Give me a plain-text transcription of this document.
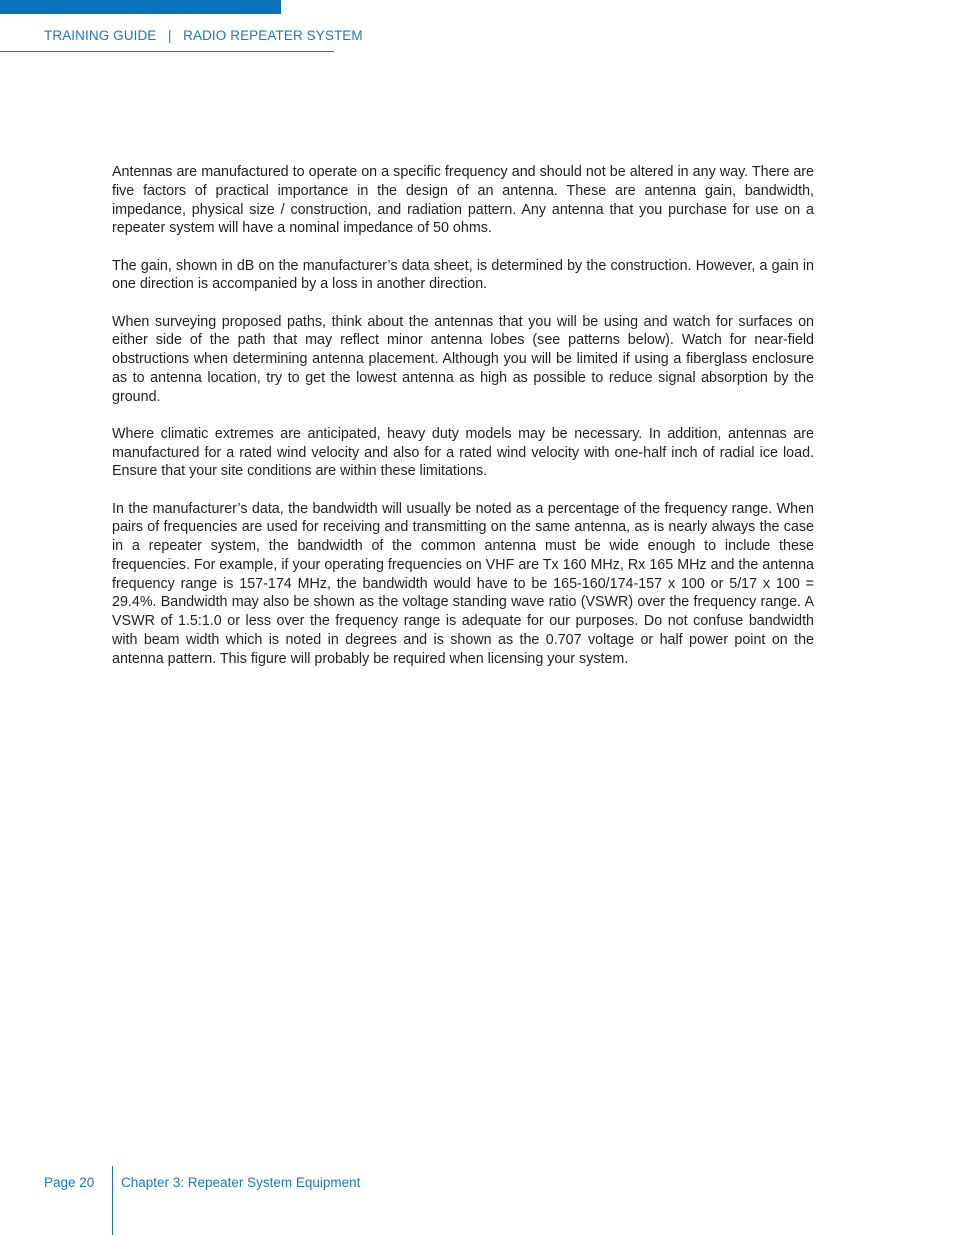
TRAINING GUIDE   |   RADIO REPEATER SYSTEM

Antennas are manufactured to operate on a specific frequency and should not be altered in any way. There are five factors of practical importance in the design of an antenna. These are antenna gain, bandwidth, impedance, physical size / construction, and radiation pattern. Any antenna that you purchase for use on a repeater system will have a nominal impedance of 50 ohms.

The gain, shown in dB on the manufacturer’s data sheet, is determined by the construction. However, a gain in one direction is accompanied by a loss in another direction.

When surveying proposed paths, think about the antennas that you will be using and watch for surfaces on either side of the path that may reflect minor antenna lobes (see patterns below). Watch for near-field obstructions when determining antenna placement. Although you will be limited if using a fiberglass enclosure as to antenna location, try to get the lowest antenna as high as possible to reduce signal absorption by the ground.

Where climatic extremes are anticipated, heavy duty models may be necessary. In addition, antennas are manufactured for a rated wind velocity and also for a rated wind velocity with one-half inch of radial ice load. Ensure that your site conditions are within these limitations.

In the manufacturer’s data, the bandwidth will usually be noted as a percentage of the frequency range. When pairs of frequencies are used for receiving and transmitting on the same antenna, as is nearly always the case in a repeater system, the bandwidth of the common antenna must be wide enough to include these frequencies. For example, if your operating frequencies on VHF are Tx 160 MHz, Rx 165 MHz and the antenna frequency range is 157-174 MHz, the bandwidth would have to be 165-160/174-157 x 100 or 5/17 x 100 = 29.4%. Bandwidth may also be shown as the voltage standing wave ratio (VSWR) over the frequency range. A VSWR of 1.5:1.0 or less over the frequency range is adequate for our purposes. Do not confuse bandwidth with beam width which is noted in degrees and is shown as the 0.707 voltage or half power point on the antenna pattern. This figure will probably be required when licensing your system.

Page 20 Chapter 3: Repeater System Equipment
